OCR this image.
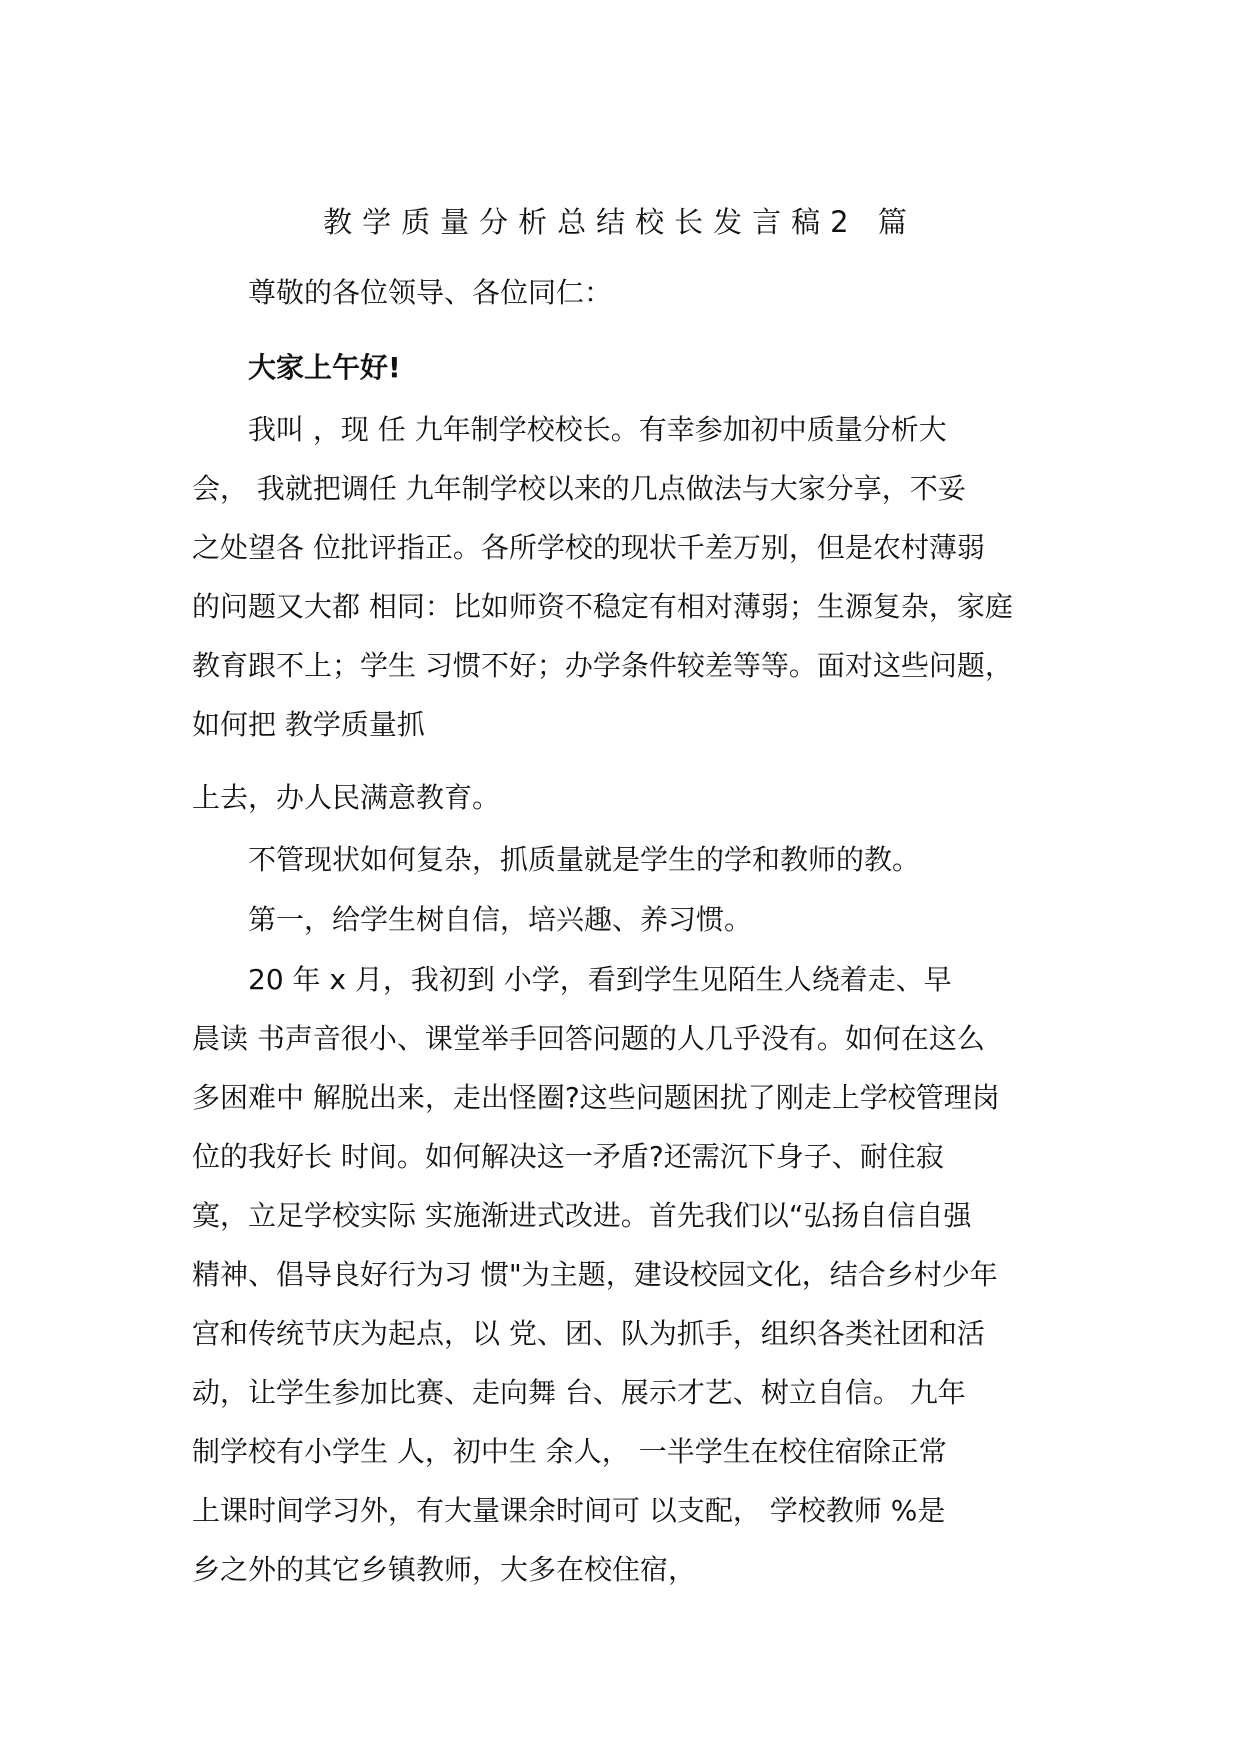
教学质量分析总结校长发言稿2 篇
尊敬的各位领导、各位同仁：
大家上午好!
我叫 ，现 任 九年制学校校长。有幸参加初中质量分析大
会， 我就把调任 九年制学校以来的几点做法与大家分享，不妥
之处望各 位批评指正。各所学校的现状千差万别，但是农村薄弱
的问题又大都 相同：比如师资不稳定有相对薄弱；生源复杂，家庭
教育跟不上；学生 习惯不好；办学条件较差等等。面对这些问题，
如何把 教学质量抓
上去，办人民满意教育。
不管现状如何复杂，抓质量就是学生的学和教师的教。
第一，给学生树自信，培兴趣、养习惯。
20 年 x 月，我初到 小学，看到学生见陌生人绕着走、早
晨读 书声音很小、课堂举手回答问题的人几乎没有。如何在这么
多困难中 解脱出来，走出怪圈?这些问题困扰了刚走上学校管理岗
位的我好长 时间。如何解决这一矛盾?还需沉下身子、耐住寂
寞，立足学校实际 实施渐进式改进。首先我们以“弘扬自信自强
精神、倡导良好行为习 惯"为主题，建设校园文化，结合乡村少年
宫和传统节庆为起点，以 党、团、队为抓手，组织各类社团和活
动，让学生参加比赛、走向舞 台、展示才艺、树立自信。 九年
制学校有小学生 人，初中生 余人， 一半学生在校住宿除正常
上课时间学习外，有大量课余时间可 以支配， 学校教师 %是
乡之外的其它乡镇教师，大多在校住宿，
